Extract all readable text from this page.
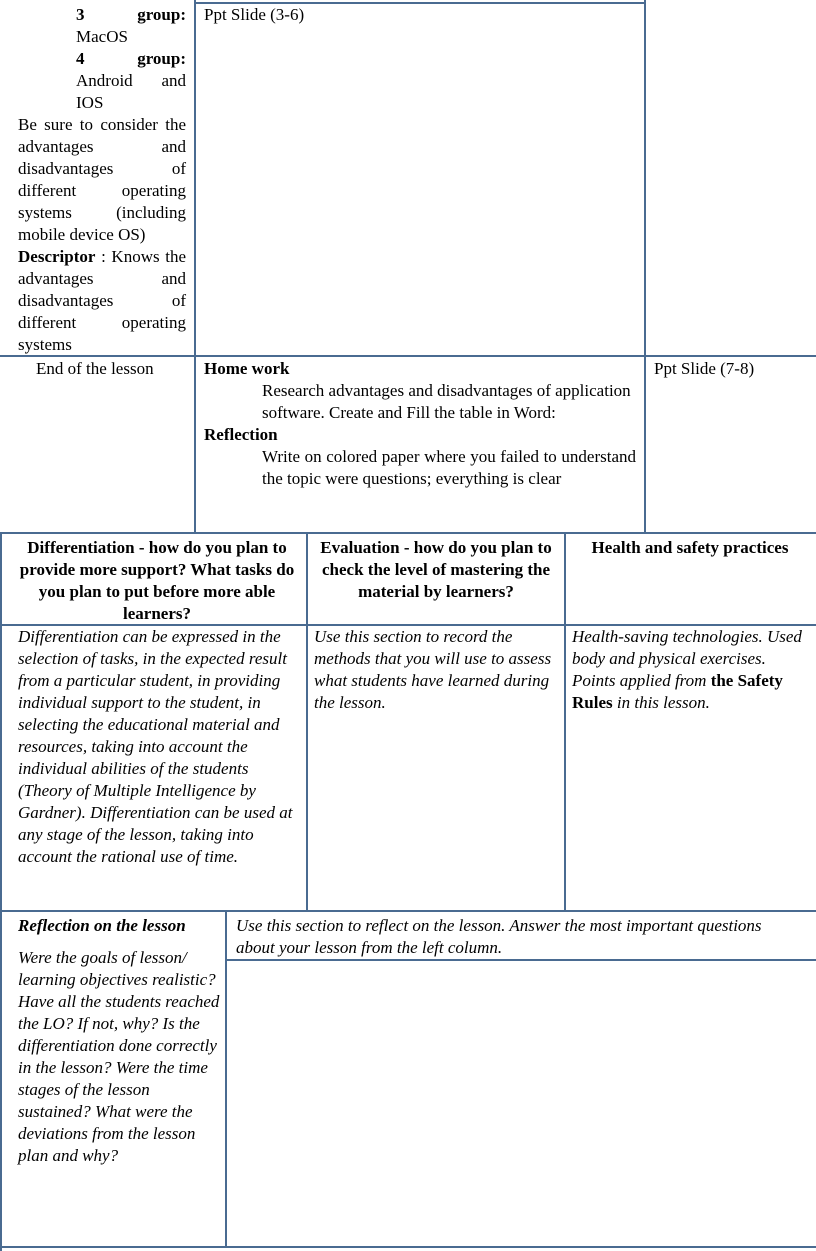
3 group:
MacOS
4 group:
Android and IOS
Be sure to consider the advantages and disadvantages of different operating systems (including mobile device OS)
Descriptor : Knows the advantages and disadvantages of different operating systems
Ppt Slide (3-6)
End of the lesson	Home work
Research advantages and disadvantages of application software. Create and Fill the table in Word:
Reflection
Write on colored paper where you failed to understand the topic were questions; everything is clear
Ppt Slide (7-8)
Differentiation - how do you plan to provide more support? What tasks do you plan to put before more able learners?
Evaluation - how do you plan to check the level of mastering the material by learners?
Health and safety practices
Differentiation can be expressed in the selection of tasks, in the expected result from a particular student, in providing individual support to the student, in selecting the educational material and resources, taking into account the individual abilities of the students (Theory of Multiple Intelligence by Gardner). Differentiation can be used at any stage of the lesson, taking into account the rational use of time.
Use this section to record the methods that you will use to assess what students have learned during the lesson.
Health-saving technologies. Used body and physical exercises.
Points applied from the Safety Rules in this lesson.
Reflection on the lesson
Were the goals of lesson/ learning objectives realistic? Have all the students reached the LO? If not, why? Is the differentiation done correctly in the lesson? Were the time stages of the lesson sustained? What were the deviations from the lesson plan and why?
Use this section to reflect on the lesson. Answer the most important questions about your lesson from the left column.
